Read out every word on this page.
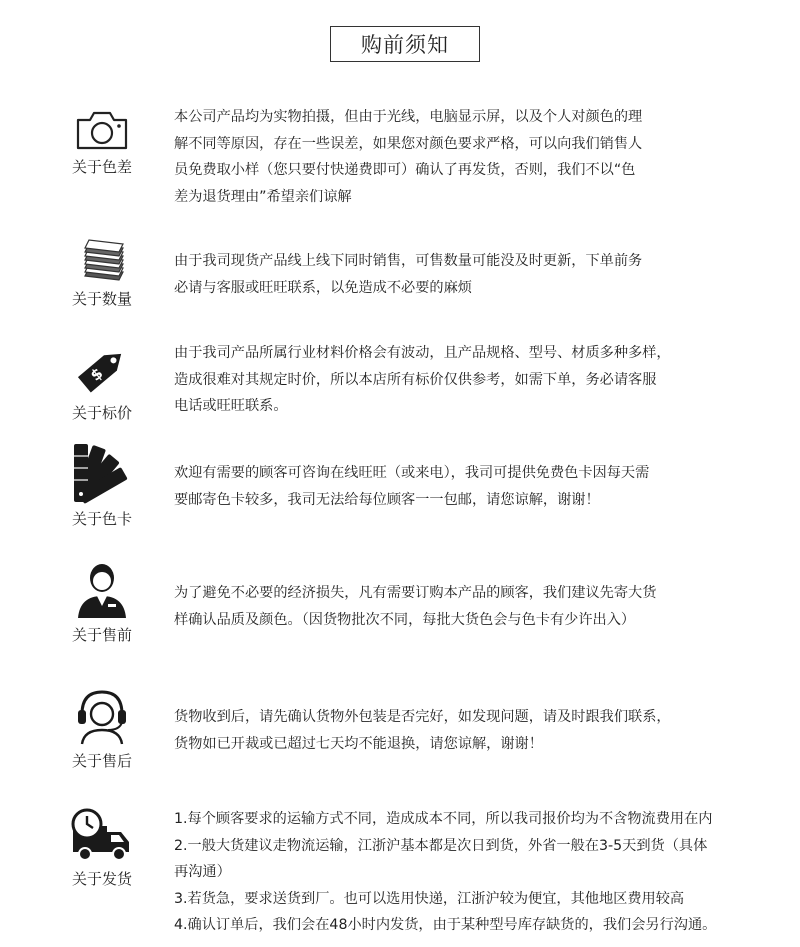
购前须知
关于色差
本公司产品均为实物拍摄，但由于光线，电脑显示屏，以及个人对颜色的理
解不同等原因，存在一些误差，如果您对颜色要求严格，可以向我们销售人
员免费取小样（您只要付快递费即可）确认了再发货，否则，我们不以“色
差为退货理由”希望亲们谅解
关于数量
由于我司现货产品线上线下同时销售，可售数量可能没及时更新，下单前务
必请与客服或旺旺联系，以免造成不必要的麻烦
$
关于标价
由于我司产品所属行业材料价格会有波动，且产品规格、型号、材质多种多样，
造成很难对其规定时价，所以本店所有标价仅供参考，如需下单，务必请客服
电话或旺旺联系。
关于色卡
欢迎有需要的顾客可咨询在线旺旺（或来电），我司可提供免费色卡因每天需
要邮寄色卡较多，我司无法给每位顾客一一包邮，请您谅解，谢谢！
关于售前
为了避免不必要的经济损失，凡有需要订购本产品的顾客，我们建议先寄大货
样确认品质及颜色。（因货物批次不同，每批大货色会与色卡有少许出入）
关于售后
货物收到后，请先确认货物外包装是否完好，如发现问题，请及时跟我们联系，
货物如已开裁或已超过七天均不能退换，请您谅解，谢谢！
关于发货
1.每个顾客要求的运输方式不同，造成成本不同，所以我司报价均为不含物流费用在内
2.一般大货建议走物流运输，江浙沪基本都是次日到货，外省一般在3-5天到货（具体
再沟通）
3.若货急，要求送货到厂。也可以选用快递，江浙沪较为便宜，其他地区费用较高
4.确认订单后，我们会在48小时内发货，由于某种型号库存缺货的，我们会另行沟通。
